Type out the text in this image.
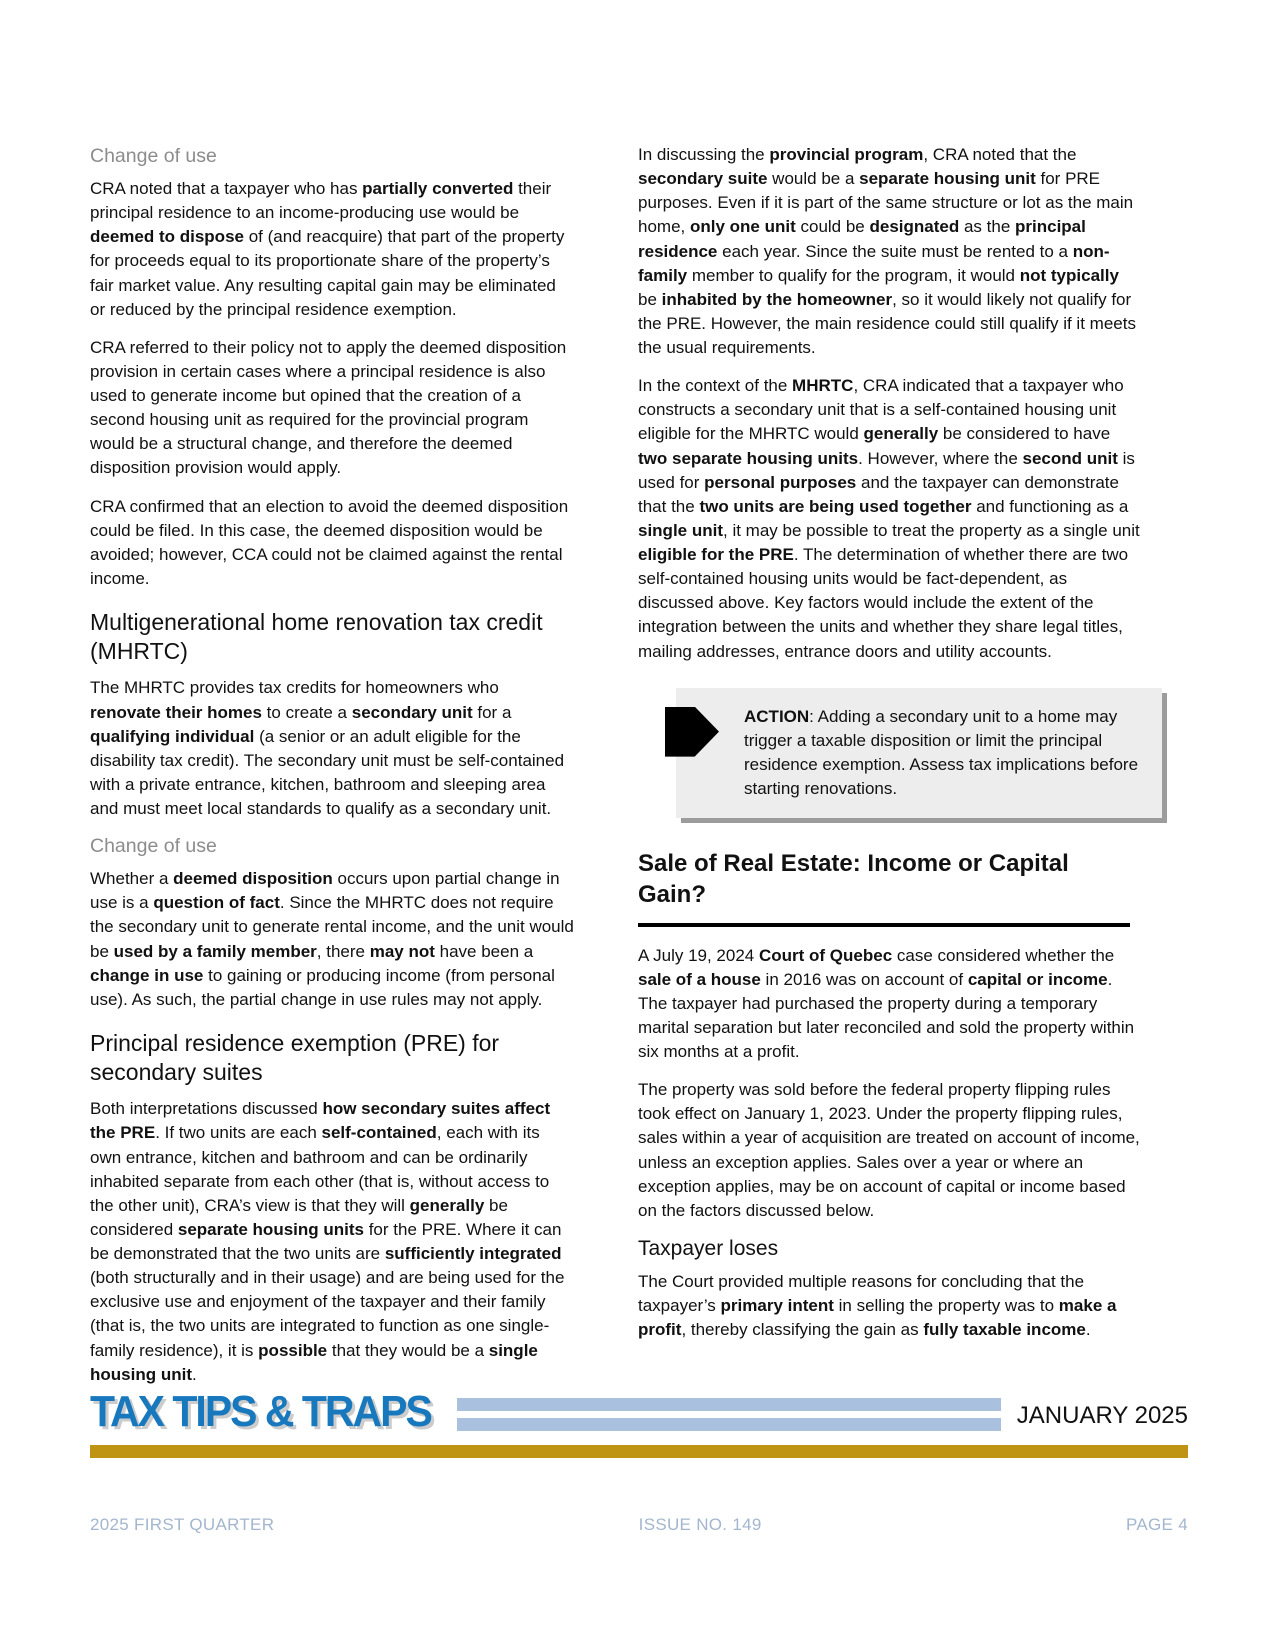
Change of use

CRA noted that a taxpayer who has partially converted their principal residence to an income-producing use would be deemed to dispose of (and reacquire) that part of the property for proceeds equal to its proportionate share of the property’s fair market value. Any resulting capital gain may be eliminated or reduced by the principal residence exemption.

CRA referred to their policy not to apply the deemed disposition provision in certain cases where a principal residence is also used to generate income but opined that the creation of a second housing unit as required for the provincial program would be a structural change, and therefore the deemed disposition provision would apply.

CRA confirmed that an election to avoid the deemed disposition could be filed. In this case, the deemed disposition would be avoided; however, CCA could not be claimed against the rental income.

Multigenerational home renovation tax credit (MHRTC)

The MHRTC provides tax credits for homeowners who renovate their homes to create a secondary unit for a qualifying individual (a senior or an adult eligible for the disability tax credit). The secondary unit must be self-contained with a private entrance, kitchen, bathroom and sleeping area and must meet local standards to qualify as a secondary unit.

Change of use

Whether a deemed disposition occurs upon partial change in use is a question of fact. Since the MHRTC does not require the secondary unit to generate rental income, and the unit would be used by a family member, there may not have been a change in use to gaining or producing income (from personal use). As such, the partial change in use rules may not apply.

Principal residence exemption (PRE) for secondary suites

Both interpretations discussed how secondary suites affect the PRE. If two units are each self-contained, each with its own entrance, kitchen and bathroom and can be ordinarily inhabited separate from each other (that is, without access to the other unit), CRA’s view is that they will generally be considered separate housing units for the PRE. Where it can be demonstrated that the two units are sufficiently integrated (both structurally and in their usage) and are being used for the exclusive use and enjoyment of the taxpayer and their family (that is, the two units are integrated to function as one single-family residence), it is possible that they would be a single housing unit.

In discussing the provincial program, CRA noted that the secondary suite would be a separate housing unit for PRE purposes. Even if it is part of the same structure or lot as the main home, only one unit could be designated as the principal residence each year. Since the suite must be rented to a non-family member to qualify for the program, it would not typically be inhabited by the homeowner, so it would likely not qualify for the PRE. However, the main residence could still qualify if it meets the usual requirements.

In the context of the MHRTC, CRA indicated that a taxpayer who constructs a secondary unit that is a self-contained housing unit eligible for the MHRTC would generally be considered to have two separate housing units. However, where the second unit is used for personal purposes and the taxpayer can demonstrate that the two units are being used together and functioning as a single unit, it may be possible to treat the property as a single unit eligible for the PRE. The determination of whether there are two self-contained housing units would be fact-dependent, as discussed above. Key factors would include the extent of the integration between the units and whether they share legal titles, mailing addresses, entrance doors and utility accounts.

ACTION: Adding a secondary unit to a home may trigger a taxable disposition or limit the principal residence exemption. Assess tax implications before starting renovations.
Sale of Real Estate: Income or Capital Gain?

A July 19, 2024 Court of Quebec case considered whether the sale of a house in 2016 was on account of capital or income. The taxpayer had purchased the property during a temporary marital separation but later reconciled and sold the property within six months at a profit.

The property was sold before the federal property flipping rules took effect on January 1, 2023. Under the property flipping rules, sales within a year of acquisition are treated on account of income, unless an exception applies. Sales over a year or where an exception applies, may be on account of capital or income based on the factors discussed below.

Taxpayer loses

The Court provided multiple reasons for concluding that the taxpayer’s primary intent in selling the property was to make a profit, thereby classifying the gain as fully taxable income.

TAX TIPS & TRAPS	JANUARY 2025
2025 FIRST QUARTER	ISSUE NO. 149	PAGE 4
